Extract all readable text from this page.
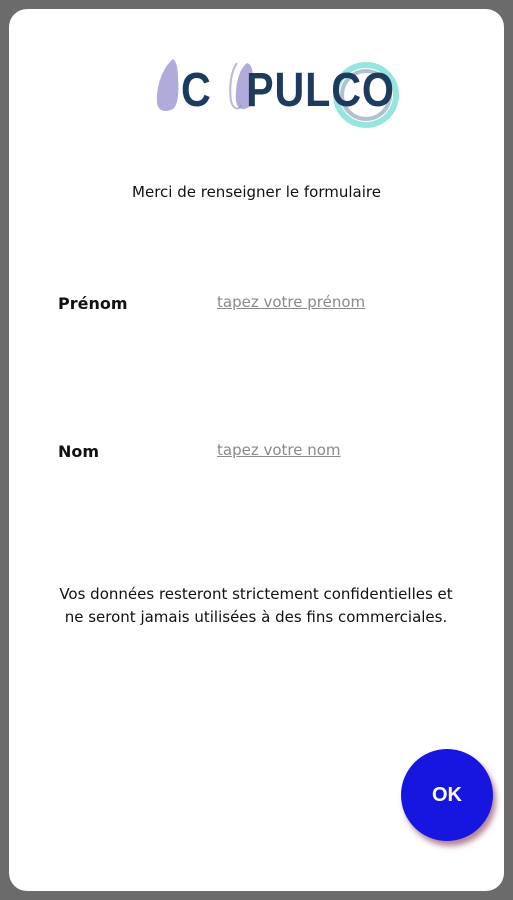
C PULCO
Merci de renseigner le formulaire
Prénom
tapez votre prénom
Nom
tapez votre nom
Vos données resteront strictement confidentielles et ne seront jamais utilisées à des fins commerciales.
OK
